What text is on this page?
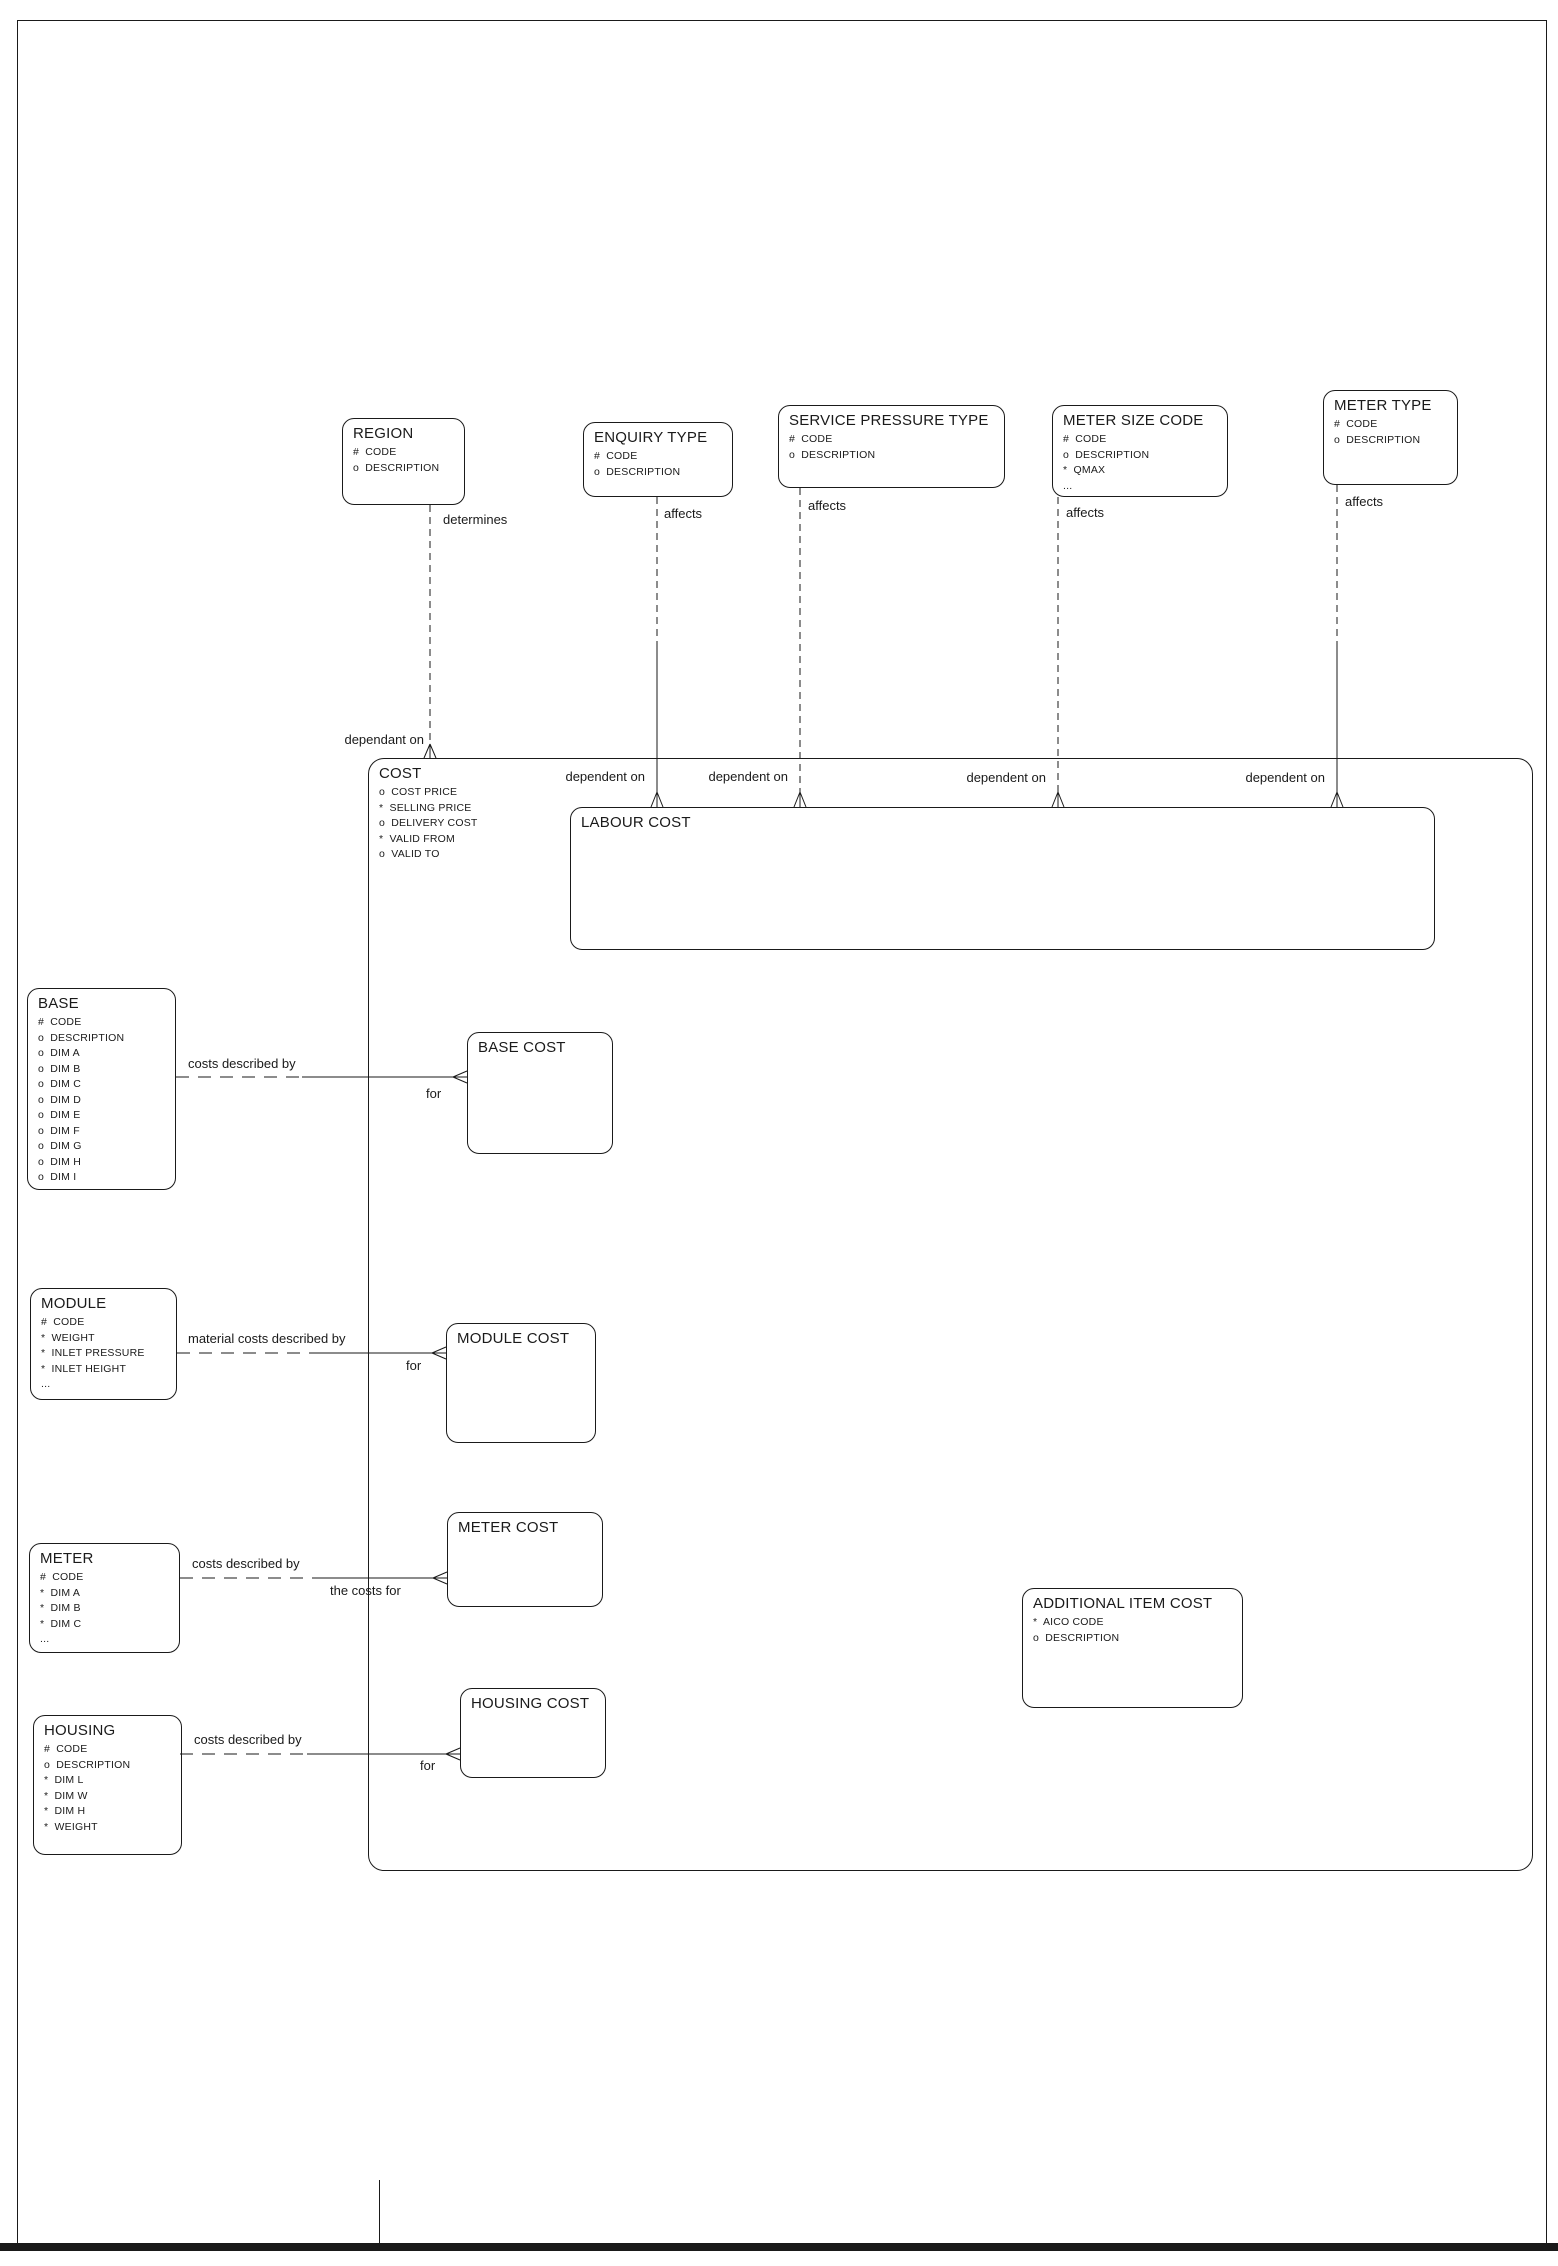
COST
o  COST PRICE
*  SELLING PRICE
o  DELIVERY COST
*  VALID FROM
o  VALID TO
LABOUR COST
REGION
#  CODE
o  DESCRIPTION
ENQUIRY TYPE
#  CODE
o  DESCRIPTION
SERVICE PRESSURE TYPE
#  CODE
o  DESCRIPTION
METER SIZE CODE
#  CODE
o  DESCRIPTION
*  QMAX
...
METER TYPE
#  CODE
o  DESCRIPTION
BASE
#  CODE
o  DESCRIPTION
o  DIM A
o  DIM B
o  DIM C
o  DIM D
o  DIM E
o  DIM F
o  DIM G
o  DIM H
o  DIM I
MODULE
#  CODE
*  WEIGHT
*  INLET PRESSURE
*  INLET HEIGHT
...
METER
#  CODE
*  DIM A
*  DIM B
*  DIM C
...
HOUSING
#  CODE
o  DESCRIPTION
*  DIM L
*  DIM W
*  DIM H
*  WEIGHT
BASE COST
MODULE COST
METER COST
HOUSING COST
ADDITIONAL ITEM COST
*  AICO CODE
o  DESCRIPTION
determines
dependant on
affects
dependent on
affects
dependent on
affects
dependent on
affects
dependent on
costs described by
for
material costs described by
for
costs described by
the costs for
costs described by
for
